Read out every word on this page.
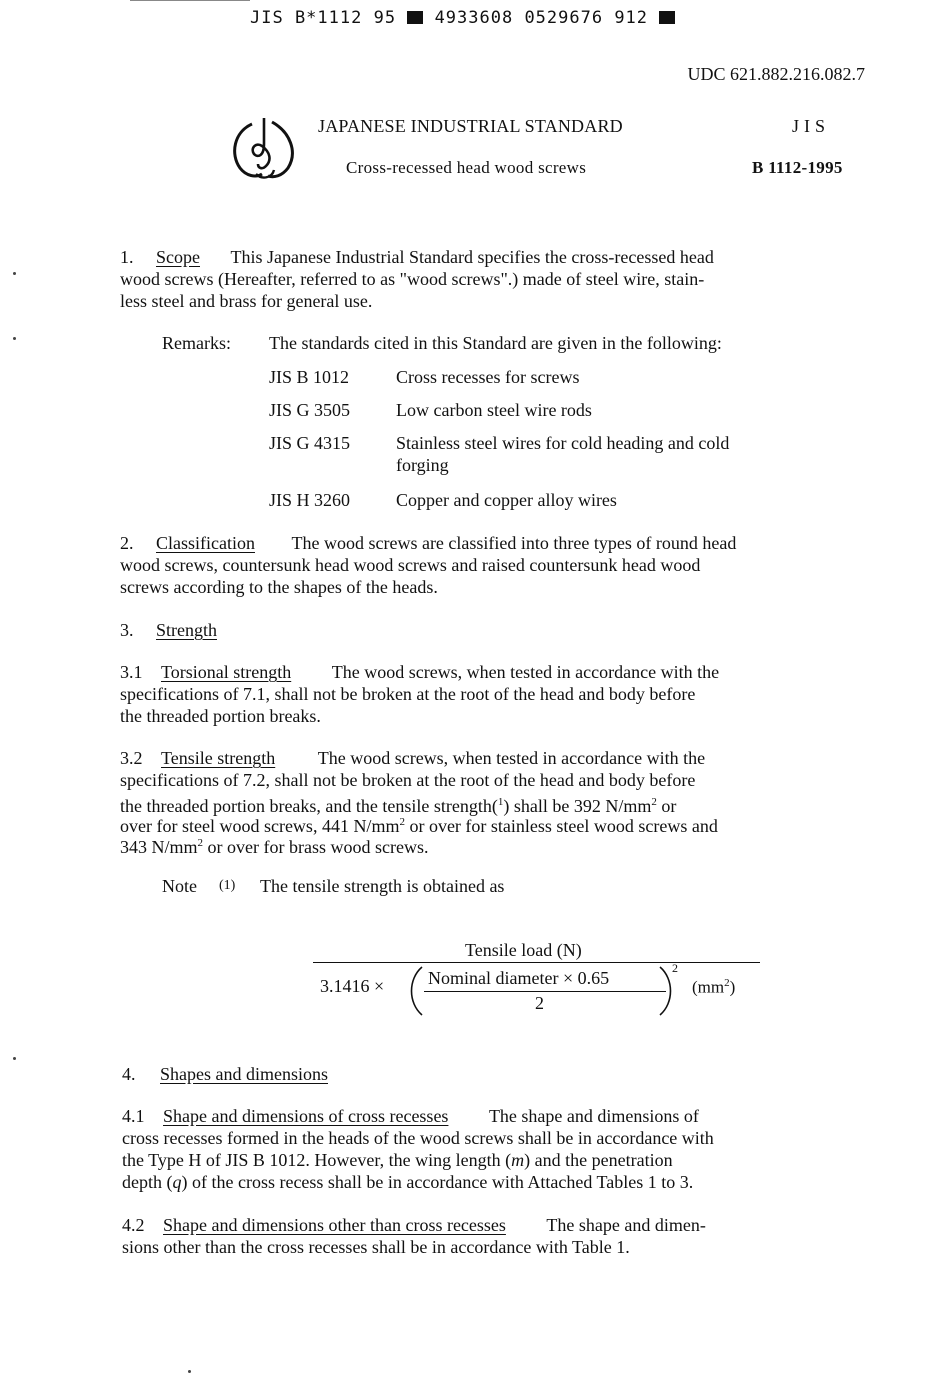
JIS B*1112 95 4933608 0529676 912
UDC 621.882.216.082.7
JAPANESE INDUSTRIAL STANDARD	JIS
Cross-recessed head wood screws	B 1112-1995
1. Scope This Japanese Industrial Standard specifies the cross-recessed head
wood screws (Hereafter, referred to as "wood screws".) made of steel wire, stain-
less steel and brass for general use.
Remarks: The standards cited in this Standard are given in the following:
JIS B 1012	Cross recesses for screws
JIS G 3505	Low carbon steel wire rods
JIS G 4315	Stainless steel wires for cold heading and cold
forging
JIS H 3260	Copper and copper alloy wires
2. Classification The wood screws are classified into three types of round head
wood screws, countersunk head wood screws and raised countersunk head wood
screws according to the shapes of the heads.
3. Strength
3.1 Torsional strength The wood screws, when tested in accordance with the
specifications of 7.1, shall not be broken at the root of the head and body before
the threaded portion breaks.
3.2 Tensile strength The wood screws, when tested in accordance with the
specifications of 7.2, shall not be broken at the root of the head and body before
the threaded portion breaks, and the tensile strength($^1$) shall be 392 $N/mm^2$ or
over for steel wood screws, 441 $N/mm^2$ or over for stainless steel wood screws and
343 $N/mm^2$ or over for brass wood screws.
Note (1) The tensile strength is obtained as
Tensile load (N)
3.1416 × Nominal diameter × 0.65
2
2
$(mm^2)$
4. Shapes and dimensions
4.1 Shape and dimensions of cross recesses The shape and dimensions of
cross recesses formed in the heads of the wood screws shall be in accordance with
the Type H of JIS B 1012. However, the wing length (m) and the penetration
depth (q) of the cross recess shall be in accordance with Attached Tables 1 to 3.
4.2 Shape and dimensions other than cross recesses The shape and dimen-
sions other than the cross recesses shall be in accordance with Table 1.
